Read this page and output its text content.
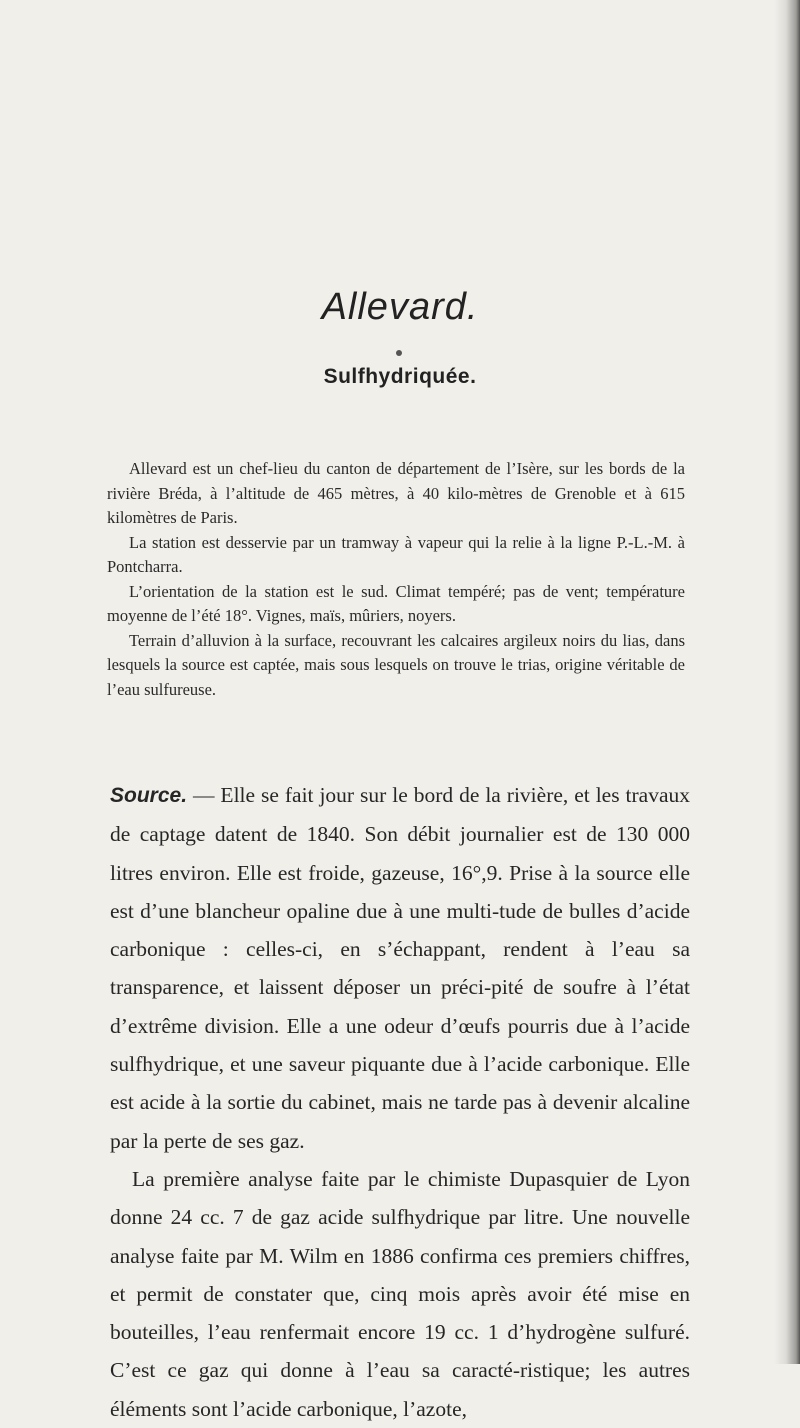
Allevard.
Sulfhydriquée.

Allevard est un chef-lieu du canton de département de l’Isère, sur les bords de la rivière Bréda, à l’altitude de 465 mètres, à 40 kilo-mètres de Grenoble et à 615 kilomètres de Paris.

La station est desservie par un tramway à vapeur qui la relie à la ligne P.-L.-M. à Pontcharra.

L’orientation de la station est le sud. Climat tempéré; pas de vent; température moyenne de l’été 18°. Vignes, maïs, mûriers, noyers.

Terrain d’alluvion à la surface, recouvrant les calcaires argileux noirs du lias, dans lesquels la source est captée, mais sous lesquels on trouve le trias, origine véritable de l’eau sulfureuse.

Source. — Elle se fait jour sur le bord de la rivière, et les travaux de captage datent de 1840. Son débit journalier est de 130 000 litres environ. Elle est froide, gazeuse, 16°,9. Prise à la source elle est d’une blancheur opaline due à une multi-tude de bulles d’acide carbonique : celles-ci, en s’échappant, rendent à l’eau sa transparence, et laissent déposer un préci-pité de soufre à l’état d’extrême division. Elle a une odeur d’œufs pourris due à l’acide sulfhydrique, et une saveur piquante due à l’acide carbonique. Elle est acide à la sortie du cabinet, mais ne tarde pas à devenir alcaline par la perte de ses gaz.

La première analyse faite par le chimiste Dupasquier de Lyon donne 24 cc. 7 de gaz acide sulfhydrique par litre. Une nouvelle analyse faite par M. Wilm en 1886 confirma ces premiers chiffres, et permit de constater que, cinq mois après avoir été mise en bouteilles, l’eau renfermait encore 19 cc. 1 d’hydrogène sulfuré. C’est ce gaz qui donne à l’eau sa caracté-ristique; les autres éléments sont l’acide carbonique, l’azote,
